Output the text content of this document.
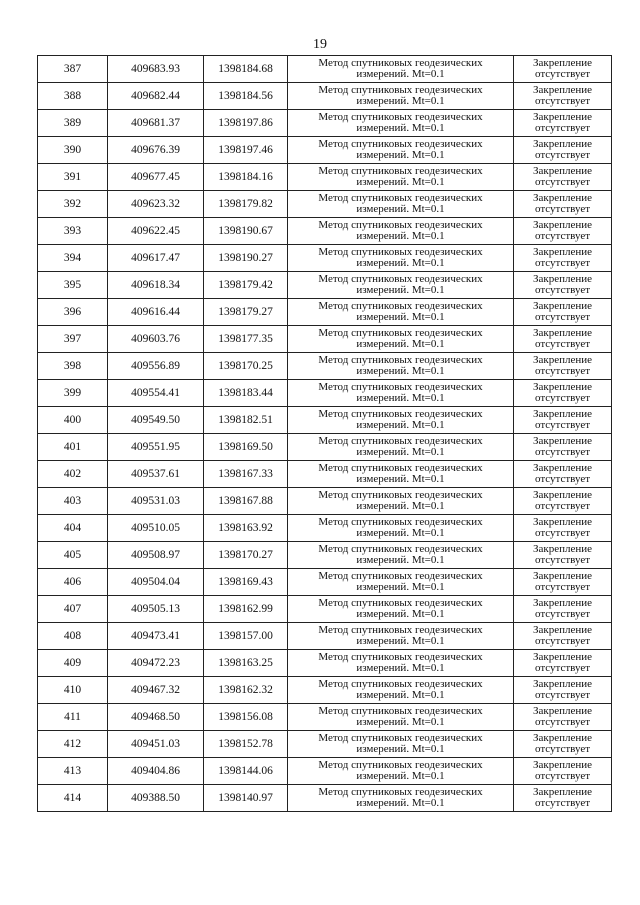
19
387	409683.93	1398184.68	Метод спутниковых геодезических
измерений. Mt=0.1	Закрепление
отсутствует

388	409682.44	1398184.56	Метод спутниковых геодезических
измерений. Mt=0.1	Закрепление
отсутствует

389	409681.37	1398197.86	Метод спутниковых геодезических
измерений. Mt=0.1	Закрепление
отсутствует

390	409676.39	1398197.46	Метод спутниковых геодезических
измерений. Mt=0.1	Закрепление
отсутствует

391	409677.45	1398184.16	Метод спутниковых геодезических
измерений. Mt=0.1	Закрепление
отсутствует

392	409623.32	1398179.82	Метод спутниковых геодезических
измерений. Mt=0.1	Закрепление
отсутствует

393	409622.45	1398190.67	Метод спутниковых геодезических
измерений. Mt=0.1	Закрепление
отсутствует

394	409617.47	1398190.27	Метод спутниковых геодезических
измерений. Mt=0.1	Закрепление
отсутствует

395	409618.34	1398179.42	Метод спутниковых геодезических
измерений. Mt=0.1	Закрепление
отсутствует

396	409616.44	1398179.27	Метод спутниковых геодезических
измерений. Mt=0.1	Закрепление
отсутствует

397	409603.76	1398177.35	Метод спутниковых геодезических
измерений. Mt=0.1	Закрепление
отсутствует

398	409556.89	1398170.25	Метод спутниковых геодезических
измерений. Mt=0.1	Закрепление
отсутствует

399	409554.41	1398183.44	Метод спутниковых геодезических
измерений. Mt=0.1	Закрепление
отсутствует

400	409549.50	1398182.51	Метод спутниковых геодезических
измерений. Mt=0.1	Закрепление
отсутствует

401	409551.95	1398169.50	Метод спутниковых геодезических
измерений. Mt=0.1	Закрепление
отсутствует

402	409537.61	1398167.33	Метод спутниковых геодезических
измерений. Mt=0.1	Закрепление
отсутствует

403	409531.03	1398167.88	Метод спутниковых геодезических
измерений. Mt=0.1	Закрепление
отсутствует

404	409510.05	1398163.92	Метод спутниковых геодезических
измерений. Mt=0.1	Закрепление
отсутствует

405	409508.97	1398170.27	Метод спутниковых геодезических
измерений. Mt=0.1	Закрепление
отсутствует

406	409504.04	1398169.43	Метод спутниковых геодезических
измерений. Mt=0.1	Закрепление
отсутствует

407	409505.13	1398162.99	Метод спутниковых геодезических
измерений. Mt=0.1	Закрепление
отсутствует

408	409473.41	1398157.00	Метод спутниковых геодезических
измерений. Mt=0.1	Закрепление
отсутствует

409	409472.23	1398163.25	Метод спутниковых геодезических
измерений. Mt=0.1	Закрепление
отсутствует

410	409467.32	1398162.32	Метод спутниковых геодезических
измерений. Mt=0.1	Закрепление
отсутствует

411	409468.50	1398156.08	Метод спутниковых геодезических
измерений. Mt=0.1	Закрепление
отсутствует

412	409451.03	1398152.78	Метод спутниковых геодезических
измерений. Mt=0.1	Закрепление
отсутствует

413	409404.86	1398144.06	Метод спутниковых геодезических
измерений. Mt=0.1	Закрепление
отсутствует

414	409388.50	1398140.97	Метод спутниковых геодезических
измерений. Mt=0.1	Закрепление
отсутствует
